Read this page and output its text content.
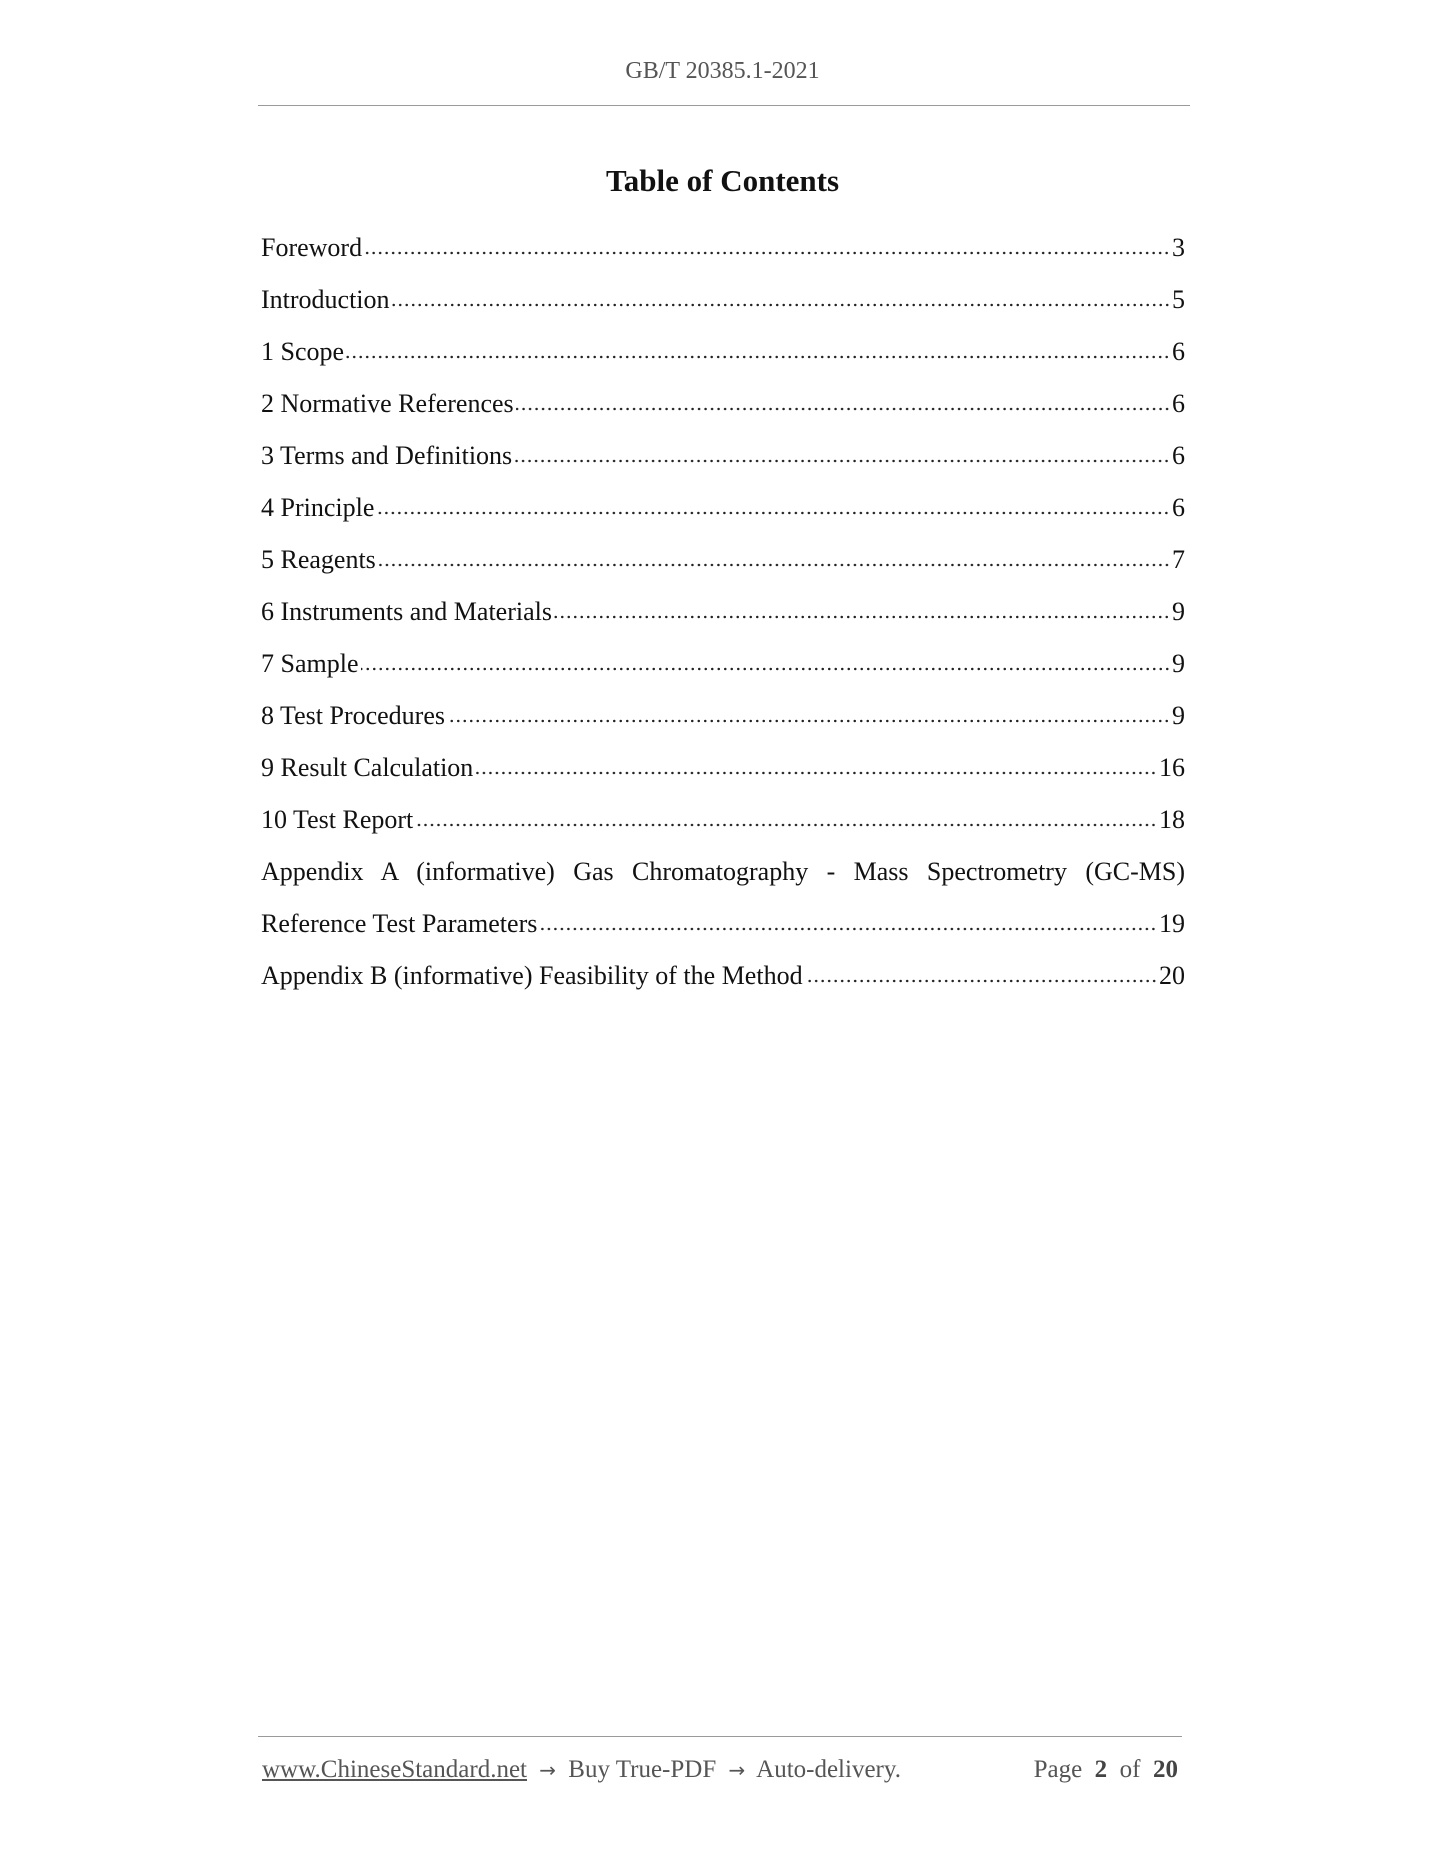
GB/T 20385.1-2021
Table of Contents
Foreword	3
Introduction	5
1 Scope	6
2 Normative References	6
3 Terms and Definitions	6
4 Principle	6
5 Reagents	7
6 Instruments and Materials	9
7 Sample	9
8 Test Procedures	9
9 Result Calculation	16
10 Test Report	18
Appendix A (informative) Gas Chromatography - Mass Spectrometry (GC-MS)
Reference Test Parameters	19
Appendix B (informative) Feasibility of the Method	20
www.ChineseStandard.net → Buy True-PDF → Auto-delivery.	Page 2 of 20
